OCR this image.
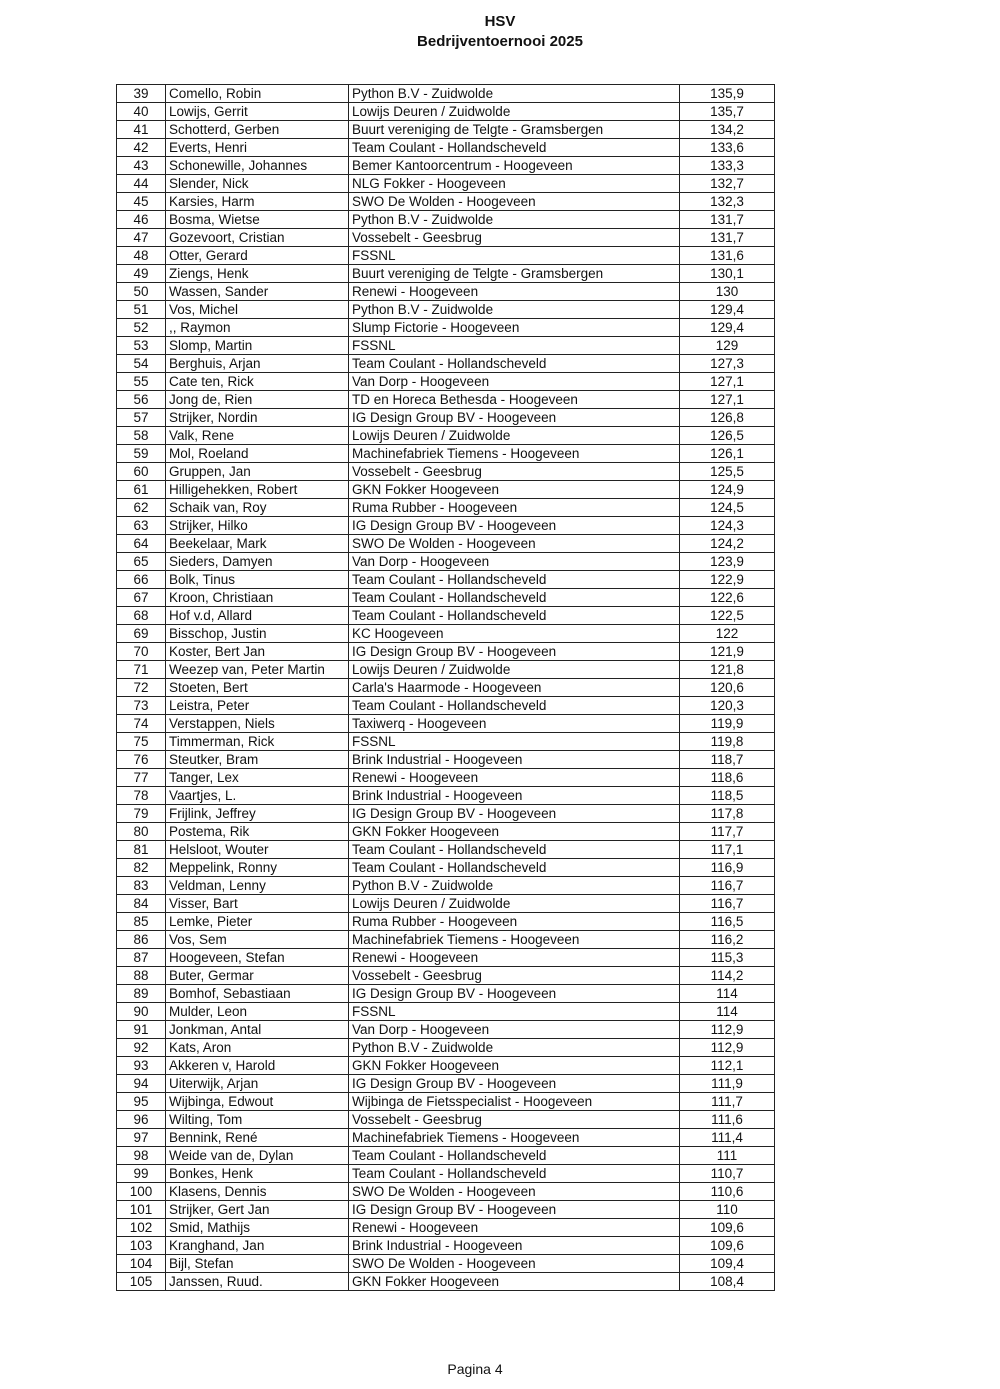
HSV
Bedrijventoernooi 2025
39	Comello, Robin	Python B.V - Zuidwolde	135,9
40	Lowijs, Gerrit	Lowijs Deuren / Zuidwolde	135,7
41	Schotterd, Gerben	Buurt vereniging de Telgte - Gramsbergen	134,2
42	Everts, Henri	Team Coulant - Hollandscheveld	133,6
43	Schonewille, Johannes	Bemer Kantoorcentrum - Hoogeveen	133,3
44	Slender, Nick	NLG Fokker - Hoogeveen	132,7
45	Karsies, Harm	SWO De Wolden - Hoogeveen	132,3
46	Bosma, Wietse	Python B.V - Zuidwolde	131,7
47	Gozevoort, Cristian	Vossebelt - Geesbrug	131,7
48	Otter, Gerard	FSSNL	131,6
49	Ziengs, Henk	Buurt vereniging de Telgte - Gramsbergen	130,1
50	Wassen, Sander	Renewi - Hoogeveen	130
51	Vos, Michel	Python B.V - Zuidwolde	129,4
52	,, Raymon	Slump Fictorie - Hoogeveen	129,4
53	Slomp, Martin	FSSNL	129
54	Berghuis, Arjan	Team Coulant - Hollandscheveld	127,3
55	Cate ten, Rick	Van Dorp - Hoogeveen	127,1
56	Jong de, Rien	TD en Horeca Bethesda - Hoogeveen	127,1
57	Strijker, Nordin	IG Design Group BV - Hoogeveen	126,8
58	Valk, Rene	Lowijs Deuren / Zuidwolde	126,5
59	Mol, Roeland	Machinefabriek Tiemens - Hoogeveen	126,1
60	Gruppen, Jan	Vossebelt - Geesbrug	125,5
61	Hilligehekken, Robert	GKN Fokker Hoogeveen	124,9
62	Schaik van, Roy	Ruma Rubber - Hoogeveen	124,5
63	Strijker, Hilko	IG Design Group BV - Hoogeveen	124,3
64	Beekelaar, Mark	SWO De Wolden - Hoogeveen	124,2
65	Sieders, Damyen	Van Dorp - Hoogeveen	123,9
66	Bolk, Tinus	Team Coulant - Hollandscheveld	122,9
67	Kroon, Christiaan	Team Coulant - Hollandscheveld	122,6
68	Hof v.d, Allard	Team Coulant - Hollandscheveld	122,5
69	Bisschop, Justin	KC Hoogeveen	122
70	Koster, Bert Jan	IG Design Group BV - Hoogeveen	121,9
71	Weezep van, Peter Martin	Lowijs Deuren / Zuidwolde	121,8
72	Stoeten, Bert	Carla's Haarmode - Hoogeveen	120,6
73	Leistra, Peter	Team Coulant - Hollandscheveld	120,3
74	Verstappen, Niels	Taxiwerq - Hoogeveen	119,9
75	Timmerman, Rick	FSSNL	119,8
76	Steutker, Bram	Brink Industrial - Hoogeveen	118,7
77	Tanger, Lex	Renewi - Hoogeveen	118,6
78	Vaartjes, L.	Brink Industrial - Hoogeveen	118,5
79	Frijlink, Jeffrey	IG Design Group BV - Hoogeveen	117,8
80	Postema, Rik	GKN Fokker Hoogeveen	117,7
81	Helsloot, Wouter	Team Coulant - Hollandscheveld	117,1
82	Meppelink, Ronny	Team Coulant - Hollandscheveld	116,9
83	Veldman, Lenny	Python B.V - Zuidwolde	116,7
84	Visser, Bart	Lowijs Deuren / Zuidwolde	116,7
85	Lemke, Pieter	Ruma Rubber - Hoogeveen	116,5
86	Vos, Sem	Machinefabriek Tiemens - Hoogeveen	116,2
87	Hoogeveen, Stefan	Renewi - Hoogeveen	115,3
88	Buter, Germar	Vossebelt - Geesbrug	114,2
89	Bomhof, Sebastiaan	IG Design Group BV - Hoogeveen	114
90	Mulder, Leon	FSSNL	114
91	Jonkman, Antal	Van Dorp - Hoogeveen	112,9
92	Kats, Aron	Python B.V - Zuidwolde	112,9
93	Akkeren v, Harold	GKN Fokker Hoogeveen	112,1
94	Uiterwijk, Arjan	IG Design Group BV - Hoogeveen	111,9
95	Wijbinga, Edwout	Wijbinga de Fietsspecialist - Hoogeveen	111,7
96	Wilting, Tom	Vossebelt - Geesbrug	111,6
97	Bennink, René	Machinefabriek Tiemens - Hoogeveen	111,4
98	Weide van de, Dylan	Team Coulant - Hollandscheveld	111
99	Bonkes, Henk	Team Coulant - Hollandscheveld	110,7
100	Klasens, Dennis	SWO De Wolden - Hoogeveen	110,6
101	Strijker, Gert Jan	IG Design Group BV - Hoogeveen	110
102	Smid, Mathijs	Renewi - Hoogeveen	109,6
103	Kranghand, Jan	Brink Industrial - Hoogeveen	109,6
104	Bijl, Stefan	SWO De Wolden - Hoogeveen	109,4
105	Janssen, Ruud.	GKN Fokker Hoogeveen	108,4
Pagina 4
